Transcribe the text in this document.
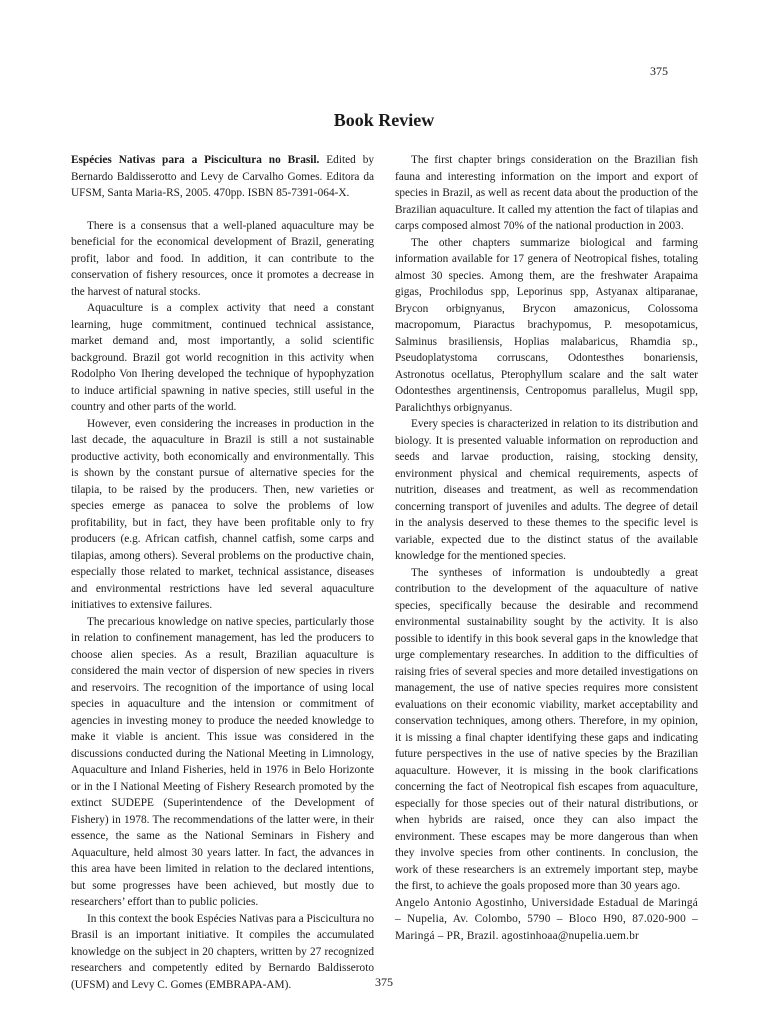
375
Book Review

Espécies Nativas para a Piscicultura no Brasil. Edited by Bernardo Baldisserotto and Levy de Carvalho Gomes. Editora da UFSM, Santa Maria-RS, 2005. 470pp. ISBN 85-7391-064-X.

There is a consensus that a well-planed aquaculture may be beneficial for the economical development of Brazil, generating profit, labor and food. In addition, it can contribute to the conservation of fishery resources, once it promotes a decrease in the harvest of natural stocks.

Aquaculture is a complex activity that need a constant learning, huge commitment, continued technical assistance, market demand and, most importantly, a solid scientific background. Brazil got world recognition in this activity when Rodolpho Von Ihering developed the technique of hypophyzation to induce artificial spawning in native species, still useful in the country and other parts of the world.

However, even considering the increases in production in the last decade, the aquaculture in Brazil is still a not sustainable productive activity, both economically and environmentally. This is shown by the constant pursue of alternative species for the tilapia, to be raised by the producers. Then, new varieties or species emerge as panacea to solve the problems of low profitability, but in fact, they have been profitable only to fry producers (e.g. African catfish, channel catfish, some carps and tilapias, among others). Several problems on the productive chain, especially those related to market, technical assistance, diseases and environmental restrictions have led several aquaculture initiatives to extensive failures.

The precarious knowledge on native species, particularly those in relation to confinement management, has led the producers to choose alien species. As a result, Brazilian aquaculture is considered the main vector of dispersion of new species in rivers and reservoirs. The recognition of the importance of using local species in aquaculture and the intension or commitment of agencies in investing money to produce the needed knowledge to make it viable is ancient. This issue was considered in the discussions conducted during the National Meeting in Limnology, Aquaculture and Inland Fisheries, held in 1976 in Belo Horizonte or in the I National Meeting of Fishery Research promoted by the extinct SUDEPE (Superintendence of the Development of Fishery) in 1978. The recommendations of the latter were, in their essence, the same as the National Seminars in Fishery and Aquaculture, held almost 30 years latter. In fact, the advances in this area have been limited in relation to the declared intentions, but some progresses have been achieved, but mostly due to researchers’ effort than to public policies.

In this context the book Espécies Nativas para a Piscicultura no Brasil is an important initiative. It compiles the accumulated knowledge on the subject in 20 chapters, written by 27 recognized researchers and competently edited by Bernardo Baldisseroto (UFSM) and Levy C. Gomes (EMBRAPA-AM).

The first chapter brings consideration on the Brazilian fish fauna and interesting information on the import and export of species in Brazil, as well as recent data about the production of the Brazilian aquaculture. It called my attention the fact of tilapias and carps composed almost 70% of the national production in 2003.

The other chapters summarize biological and farming information available for 17 genera of Neotropical fishes, totaling almost 30 species. Among them, are the freshwater Arapaima gigas, Prochilodus spp, Leporinus spp, Astyanax altiparanae, Brycon orbignyanus, Brycon amazonicus, Colossoma macropomum, Piaractus brachypomus, P. mesopotamicus, Salminus brasiliensis, Hoplias malabaricus, Rhamdia sp., Pseudoplatystoma corruscans, Odontesthes bonariensis, Astronotus ocellatus, Pterophyllum scalare and the salt water Odontesthes argentinensis, Centropomus parallelus, Mugil spp, Paralichthys orbignyanus.

Every species is characterized in relation to its distribution and biology. It is presented valuable information on reproduction and seeds and larvae production, raising, stocking density, environment physical and chemical requirements, aspects of nutrition, diseases and treatment, as well as recommendation concerning transport of juveniles and adults. The degree of detail in the analysis deserved to these themes to the specific level is variable, expected due to the distinct status of the available knowledge for the mentioned species.

The syntheses of information is undoubtedly a great contribution to the development of the aquaculture of native species, specifically because the desirable and recommend environmental sustainability sought by the activity. It is also possible to identify in this book several gaps in the knowledge that urge complementary researches. In addition to the difficulties of raising fries of several species and more detailed investigations on management, the use of native species requires more consistent evaluations on their economic viability, market acceptability and conservation techniques, among others. Therefore, in my opinion, it is missing a final chapter identifying these gaps and indicating future perspectives in the use of native species by the Brazilian aquaculture. However, it is missing in the book clarifications concerning the fact of Neotropical fish escapes from aquaculture, especially for those species out of their natural distributions, or when hybrids are raised, once they can also impact the environment. These escapes may be more dangerous than when they involve species from other continents. In conclusion, the work of these researchers is an extremely important step, maybe the first, to achieve the goals proposed more than 30 years ago.

Angelo Antonio Agostinho, Universidade Estadual de Maringá – Nupelia, Av. Colombo, 5790 – Bloco H90, 87.020-900 – Maringá – PR, Brazil. agostinhoaa@nupelia.uem.br

375
